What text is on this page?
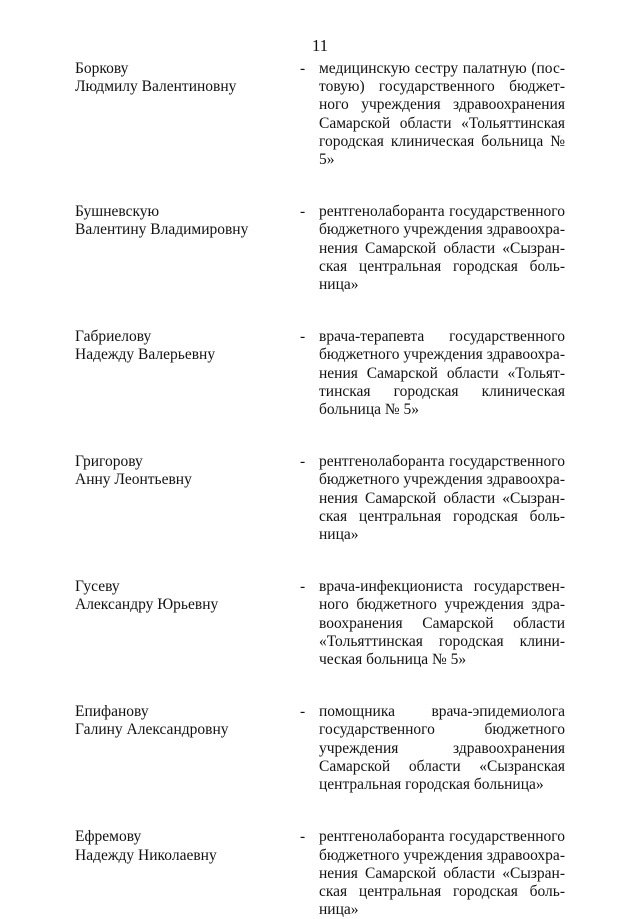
11
Боркову
Людмилу Валентиновну
- медицинскую сестру палатную (постовую) государственного бюджетного учреждения здравоохранения Самарской области «Тольяттинская городская клиническая больница № 5»
Бушневскую
Валентину Владимировну
- рентгенолаборанта государственного бюджетного учреждения здравоохранения Самарской области «Сызранская центральная городская больница»
Габриелову
Надежду Валерьевну
- врача-терапевта государственного бюджетного учреждения здравоохранения Самарской области «Тольяттинская городская клиническая больница № 5»
Григорову
Анну Леонтьевну
- рентгенолаборанта государственного бюджетного учреждения здравоохранения Самарской области «Сызранская центральная городская больница»
Гусеву
Александру Юрьевну
- врача-инфекциониста государственного бюджетного учреждения здравоохранения Самарской области «Тольяттинская городская клиническая больница № 5»
Епифанову
Галину Александровну
- помощника врача-эпидемиолога государственного бюджетного учреждения здравоохранения Самарской области «Сызранская центральная городская больница»
Ефремову
Надежду Николаевну
- рентгенолаборанта государственного бюджетного учреждения здравоохранения Самарской области «Сызранская центральная городская больница»
